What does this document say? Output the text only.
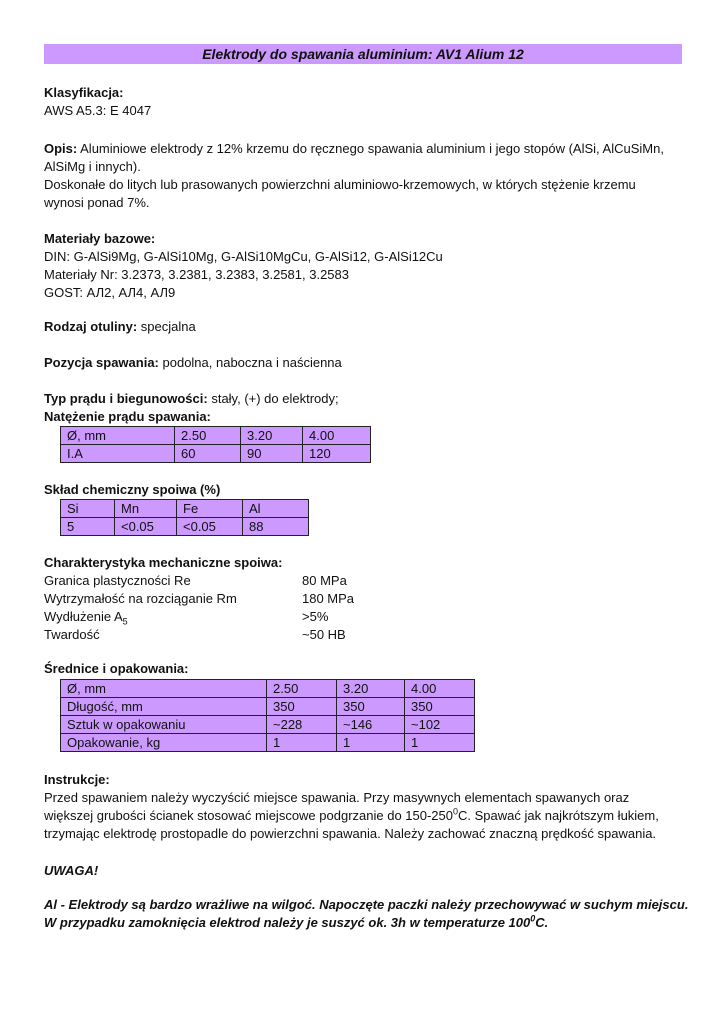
Elektrody do spawania aluminium: AV1 Alium 12
Klasyfikacja:
AWS A5.3: E 4047
Opis: Aluminiowe elektrody z 12% krzemu do ręcznego spawania aluminium i jego stopów (AlSi, AlCuSiMn,
AlSiMg i innych).
Doskonałe do litych lub prasowanych powierzchni aluminiowo-krzemowych, w których stężenie krzemu
wynosi ponad 7%.
Materiały bazowe:
DIN: G-AlSi9Mg, G-AlSi10Mg, G-AlSi10MgCu, G-AlSi12, G-AlSi12Cu
Materiały Nr: 3.2373, 3.2381, 3.2383, 3.2581, 3.2583
GOST: АЛ2, АЛ4, АЛ9
Rodzaj otuliny: specjalna
Pozycja spawania: podolna, naboczna i naścienna
Typ prądu i biegunowości: stały, (+) do elektrody;
Natężenie prądu spawania:
Ø, mm	2.50	3.20	4.00
I.A	60	90	120
Skład chemiczny spoiwa (%)
Si	Mn	Fe	Al
5	<0.05	<0.05	88
Charakterystyka mechaniczne spoiwa:
Granica plastyczności Re	80 MPa
Wytrzymałość na rozciąganie Rm	180 MPa
Wydłużenie $A_5$	>5%
Twardość	~50 HB
Średnice i opakowania:
Ø, mm	2.50	3.20	4.00
Długość, mm	350	350	350
Sztuk w opakowaniu	~228	~146	~102
Opakowanie, kg	1	1	1
Instrukcje:
Przed spawaniem należy wyczyścić miejsce spawania. Przy masywnych elementach spawanych oraz
większej grubości ścianek stosować miejscowe podgrzanie do $150-250^0C$. Spawać jak najkrótszym łukiem,
trzymając elektrodę prostopadle do powierzchni spawania. Należy zachować znaczną prędkość spawania.
UWAGA!
Al - Elektrody są bardzo wrażliwe na wilgoć. Napoczęte paczki należy przechowywać w suchym miejscu.
W przypadku zamoknięcia elektrod należy je suszyć ok. 3h w temperaturze $100^0C$.
